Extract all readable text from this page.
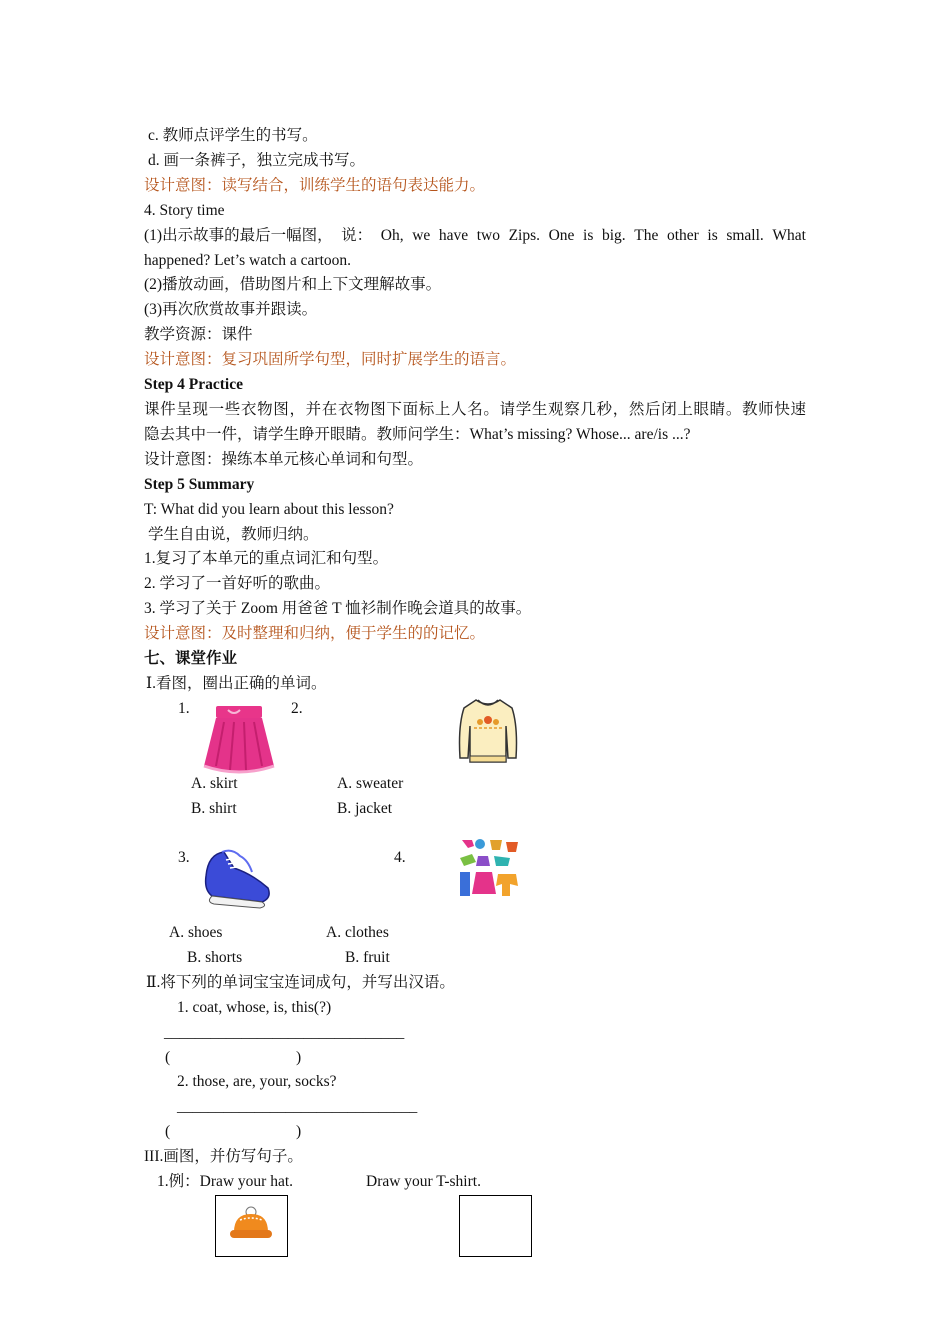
c. 教师点评学生的书写。
d. 画一条裤子，独立完成书写。
设计意图：读写结合，训练学生的语句表达能力。
4. Story time
(1)出示故事的最后一幅图， 说： Oh, we have two Zips. One is big. The other is small. What
happened? Let’s watch a cartoon.
(2)播放动画，借助图片和上下文理解故事。
(3)再次欣赏故事并跟读。
教学资源：课件
设计意图：复习巩固所学句型，同时扩展学生的语言。
Step 4 Practice
课件呈现一些衣物图，并在衣物图下面标上人名。请学生观察几秒，然后闭上眼睛。教师快速
隐去其中一件，请学生睁开眼睛。教师问学生：What’s missing? Whose... are/is ...?
设计意图：操练本单元核心单词和句型。
Step 5 Summary
T: What did you learn about this lesson?
学生自由说，教师归纳。
1.复习了本单元的重点词汇和句型。
2. 学习了一首好听的歌曲。
3. 学习了关于 Zoom 用爸爸 T 恤衫制作晚会道具的故事。
设计意图：及时整理和归纳，便于学生的的记忆。
七、课堂作业
Ⅰ.看图，圈出正确的单词。
1.	2.
A. skirt	A. sweater
B. shirt	B. jacket
3.	4.
A. shoes	A. clothes
B. shorts	B. fruit
Ⅱ.将下列的单词宝宝连词成句，并写出汉语。
1. coat, whose, is, this(?)
_______________________________
(	)
2. those, are, your, socks?
_______________________________
(	)
III.画图，并仿写句子。
1.例：Draw your hat.	Draw your T-shirt.
